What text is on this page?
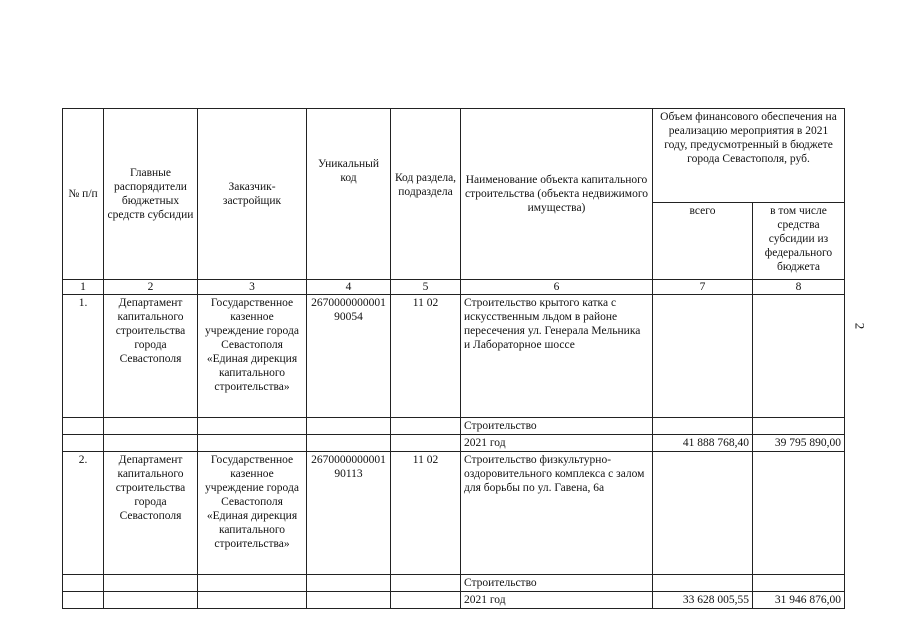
2
№ п/п	Главные распорядители бюджетных средств субсидии	Заказчик- застройщик	Уникальный код	Код раздела, подраздела	Наименование объекта капитального строительства (объекта недвижимого имущества)	Объем финансового обеспечения на реализацию мероприятия в 2021 году, предусмотренный в бюджете города Севастополя, руб.	
						всего	в том числе средства субсидии из федерального бюджета
1	2	3	4	5	6	7	8
1.	Департамент капитального строительства города Севастополя	Государственное казенное учреждение города Севастополя «Единая дирекция капитального строительства»	267000000000190054	11 02	Строительство крытого катка с искусственным льдом в районе пересечения ул. Генерала Мельника и Лабораторное шоссе		
					Строительство		
					2021 год	41 888 768,40	39 795 890,00
2.	Департамент капитального строительства города Севастополя	Государственное казенное учреждение города Севастополя «Единая дирекция капитального строительства»	267000000000190113	11 02	Строительство физкультурно-оздоровительного комплекса с залом для борьбы по ул. Гавена, 6а		
					Строительство		
					2021 год	33 628 005,55	31 946 876,00
